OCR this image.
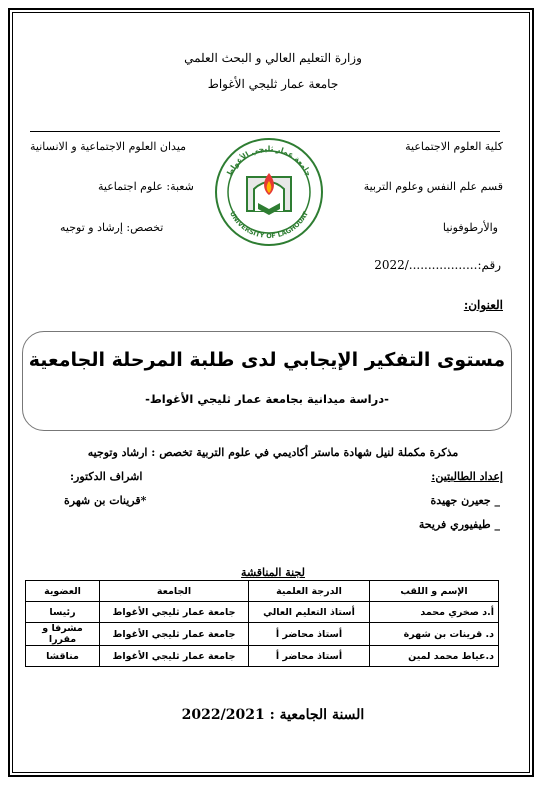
وزارة التعليم العالي و البحث العلمي
جامعة عمار ثليجي الأغواط
كلية العلوم الاجتماعية
ميدان العلوم الاجتماعية و الانسانية
قسم علم النفس وعلوم التربية
شعبة: علوم اجتماعية
والأرطوفونيا
تخصص: إرشاد و توجيه
رقم:................../2022
جامعة عمار ثليجي الأغواط
UNIVERSITY OF LAGHOUAT
العنوان:
مستوى التفكير الإيجابي لدى طلبة المرحلة الجامعية
-دراسة ميدانية بجامعة عمار ثليجي الأغواط-
مذكرة مكملة لنيل شهادة ماستر أكاديمي في علوم التربية تخصص : ارشاد وتوجيه
إعداد الطالبتين:
اشراف الدكتور:
_ جعيرن جهيدة
*قرينات بن شهرة
_ طيفيوري فريحة
لجنة المناقشة
الإسم و اللقب	الدرجة العلمية	الجامعة	العضوية
أ.د صخري محمد	أستاذ التعليم العالي	جامعة عمار ثليجي الأغواط	رئيسا
د. قرينات بن شهرة	أستاذ محاضر أ	جامعة عمار ثليجي الأغواط	مشرفا و مقررا
د.عياط محمد لمين	أستاذ محاضر أ	جامعة عمار ثليجي الأغواط	مناقشا
السنة الجامعية : 2022/2021
